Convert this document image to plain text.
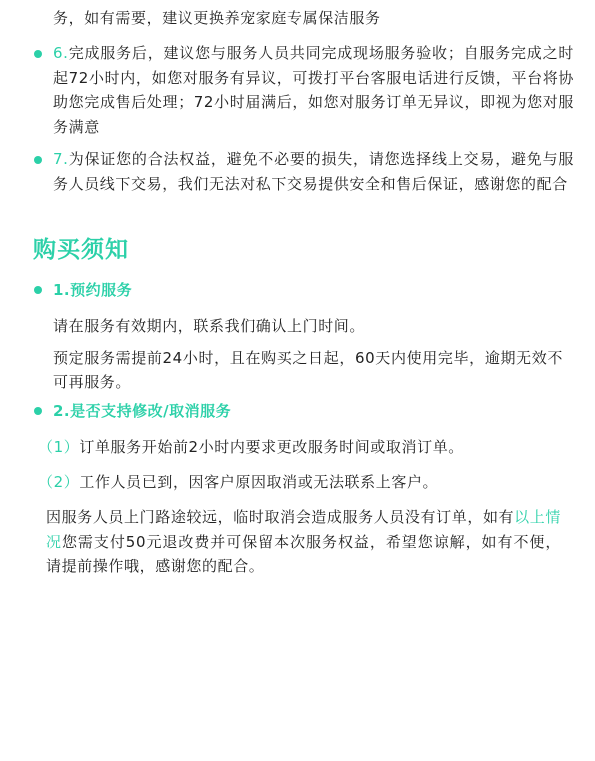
务，如有需要，建议更换养宠家庭专属保洁服务
6.完成服务后，建议您与服务人员共同完成现场服务验收；自服务完成之时起72小时内，如您对服务有异议，可拨打平台客服电话进行反馈，平台将协助您完成售后处理；72小时届满后，如您对服务订单无异议，即视为您对服务满意
7.为保证您的合法权益，避免不必要的损失，请您选择线上交易，避免与服务人员线下交易，我们无法对私下交易提供安全和售后保证，感谢您的配合
购买须知
1.预约服务

请在服务有效期内，联系我们确认上门时间。

预定服务需提前24小时，且在购买之日起，60天内使用完毕，逾期无效不可再服务。

2.是否支持修改/取消服务

（1）订单服务开始前2小时内要求更改服务时间或取消订单。

（2）工作人员已到，因客户原因取消或无法联系上客户。

因服务人员上门路途较远，临时取消会造成服务人员没有订单，如有以上情况您需支付50元退改费并可保留本次服务权益，希望您谅解，如有不便，请提前操作哦，感谢您的配合。
